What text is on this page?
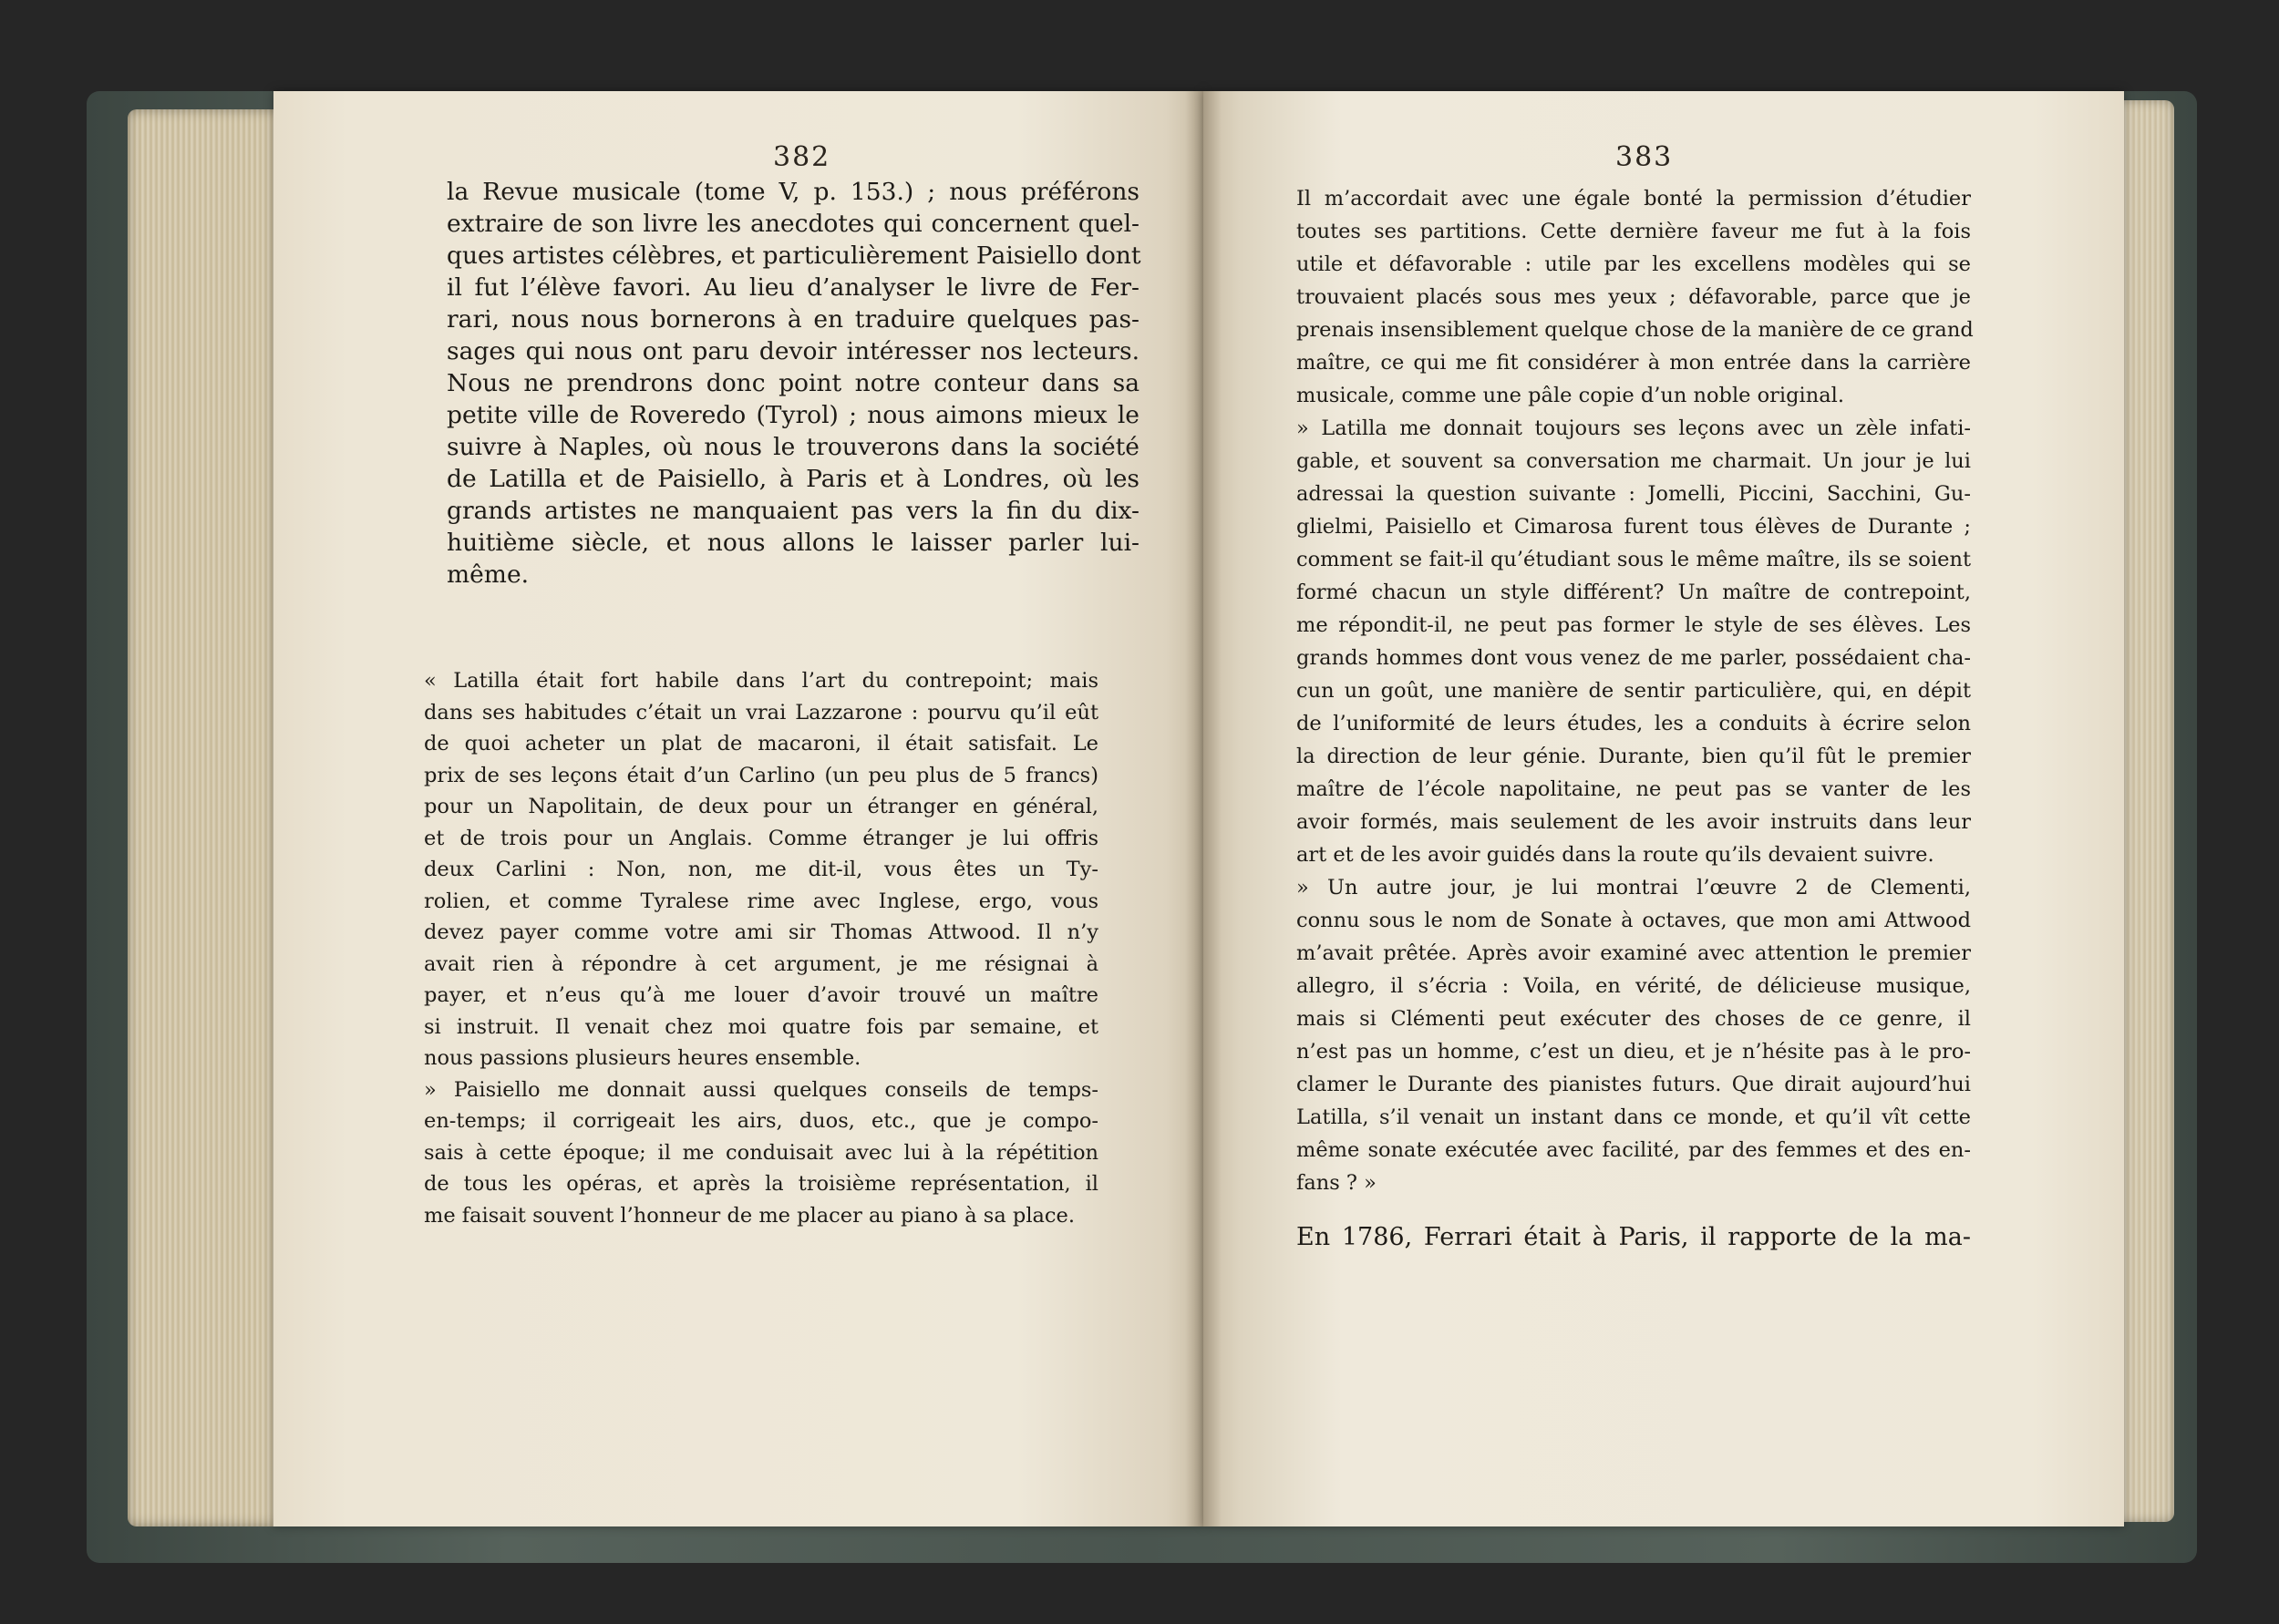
382
la Revue musicale (tome V, p. 153.) ; nous préférons
extraire de son livre les anecdotes qui concernent quel-
ques artistes célèbres, et particulièrement Paisiello dont
il fut l’élève favori. Au lieu d’analyser le livre de Fer-
rari, nous nous bornerons à en traduire quelques pas-
sages qui nous ont paru devoir intéresser nos lecteurs.
Nous ne prendrons donc point notre conteur dans sa
petite ville de Roveredo (Tyrol) ; nous aimons mieux le
suivre à Naples, où nous le trouverons dans la société
de Latilla et de Paisiello, à Paris et à Londres, où les
grands artistes ne manquaient pas vers la fin du dix-
huitième siècle, et nous allons le laisser parler lui-
même.
« Latilla était fort habile dans l’art du contrepoint; mais
dans ses habitudes c’était un vrai Lazzarone : pourvu qu’il eût
de quoi acheter un plat de macaroni, il était satisfait. Le
prix de ses leçons était d’un Carlino (un peu plus de 5 francs)
pour un Napolitain, de deux pour un étranger en général,
et de trois pour un Anglais. Comme étranger je lui offris
deux Carlini : Non, non, me dit-il, vous êtes un Ty-
rolien, et comme Tyralese rime avec Inglese, ergo, vous
devez payer comme votre ami sir Thomas Attwood. Il n’y
avait rien à répondre à cet argument, je me résignai à
payer, et n’eus qu’à me louer d’avoir trouvé un maître
si instruit. Il venait chez moi quatre fois par semaine, et
nous passions plusieurs heures ensemble.
» Paisiello me donnait aussi quelques conseils de temps-
en-temps; il corrigeait les airs, duos, etc., que je compo-
sais à cette époque; il me conduisait avec lui à la répétition
de tous les opéras, et après la troisième représentation, il
me faisait souvent l’honneur de me placer au piano à sa place.
383
Il m’accordait avec une égale bonté la permission d’étudier
toutes ses partitions. Cette dernière faveur me fut à la fois
utile et défavorable : utile par les excellens modèles qui se
trouvaient placés sous mes yeux ; défavorable, parce que je
prenais insensiblement quelque chose de la manière de ce grand
maître, ce qui me fit considérer à mon entrée dans la carrière
musicale, comme une pâle copie d’un noble original.
» Latilla me donnait toujours ses leçons avec un zèle infati-
gable, et souvent sa conversation me charmait. Un jour je lui
adressai la question suivante : Jomelli, Piccini, Sacchini, Gu-
glielmi, Paisiello et Cimarosa furent tous élèves de Durante ;
comment se fait-il qu’étudiant sous le même maître, ils se soient
formé chacun un style différent? Un maître de contrepoint,
me répondit-il, ne peut pas former le style de ses élèves. Les
grands hommes dont vous venez de me parler, possédaient cha-
cun un goût, une manière de sentir particulière, qui, en dépit
de l’uniformité de leurs études, les a conduits à écrire selon
la direction de leur génie. Durante, bien qu’il fût le premier
maître de l’école napolitaine, ne peut pas se vanter de les
avoir formés, mais seulement de les avoir instruits dans leur
art et de les avoir guidés dans la route qu’ils devaient suivre.
» Un autre jour, je lui montrai l’œuvre 2 de Clementi,
connu sous le nom de Sonate à octaves, que mon ami Attwood
m’avait prêtée. Après avoir examiné avec attention le premier
allegro, il s’écria : Voila, en vérité, de délicieuse musique,
mais si Clémenti peut exécuter des choses de ce genre, il
n’est pas un homme, c’est un dieu, et je n’hésite pas à le pro-
clamer le Durante des pianistes futurs. Que dirait aujourd’hui
Latilla, s’il venait un instant dans ce monde, et qu’il vît cette
même sonate exécutée avec facilité, par des femmes et des en-
fans ? »
En 1786, Ferrari était à Paris, il rapporte de la ma-
